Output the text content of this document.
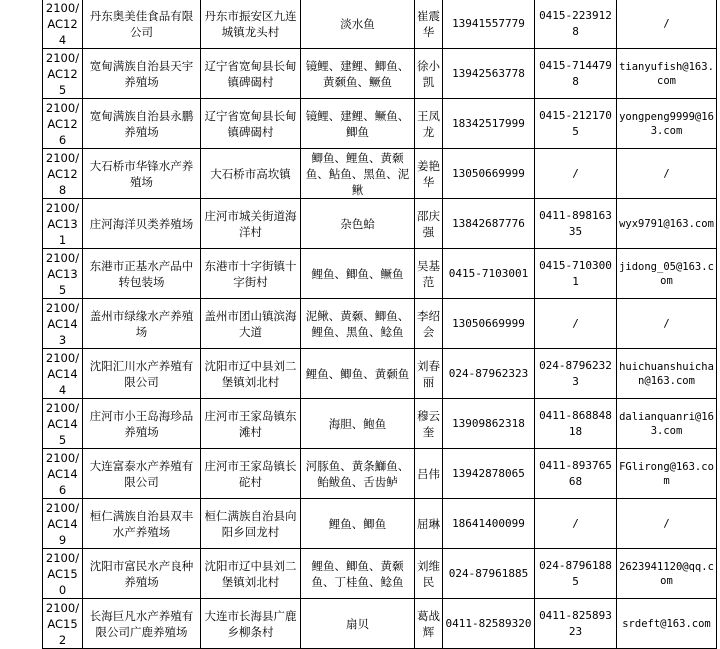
2100/AC124	丹东奥美佳食品有限公司	丹东市振安区九连城镇龙头村	淡水鱼	崔震华	13941557779	0415-2239128	/
2100/AC125	宽甸满族自治县天宇养殖场	辽宁省宽甸县长甸镇碑碣村	镜鲤、建鲤、鲫鱼、黄颡鱼、鳜鱼	徐小凯	13942563778	0415-7144798	tianyufish@163.com
2100/AC126	宽甸满族自治县永鹏养殖场	辽宁省宽甸县长甸镇碑碣村	镜鲤、建鲤、鳜鱼、鲫鱼	王凤龙	18342517999	0415-2121705	yongpeng9999@163.com
2100/AC128	大石桥市华锋水产养殖场	大石桥市高坎镇	鲫鱼、鲤鱼、黄颡鱼、鲇鱼、黑鱼、泥鳅	姜艳华	13050669999	/	/
2100/AC131	庄河海洋贝类养殖场	庄河市城关街道海洋村	杂色蛤	邵庆强	13842687776	0411-89816335	wyx9791@163.com
2100/AC135	东港市正基水产品中转包装场	东港市十字街镇十字街村	鲤鱼、鲫鱼、鳜鱼	吴基范	0415-7103001	0415-7103001	jidong_05@163.com
2100/AC143	盖州市绿缘水产养殖场	盖州市团山镇滨海大道	泥鳅、黄颡、鲫鱼、鲤鱼、黑鱼、鲶鱼	李绍会	13050669999	/	/
2100/AC144	沈阳汇川水产养殖有限公司	沈阳市辽中县刘二堡镇刘北村	鲤鱼、鲫鱼、黄颡鱼	刘春丽	024-87962323	024-87962323	huichuanshuichan@163.com
2100/AC145	庄河市小王岛海珍品养殖场	庄河市王家岛镇东滩村	海胆、鲍鱼	穆云奎	13909862318	0411-86884818	dalianquanri@163.com
2100/AC146	大连富泰水产养殖有限公司	庄河市王家岛镇长砣村	河豚鱼、黄条鰤鱼、鲐鲅鱼、舌齿鲈	吕伟	13942878065	0411-89376568	FGlirong@163.com
2100/AC149	桓仁满族自治县双丰水产养殖场	桓仁满族自治县向阳乡回龙村	鲤鱼、鲫鱼	屈琳	18641400099	/	/
2100/AC150	沈阳市富民水产良种养殖场	沈阳市辽中县刘二堡镇刘北村	鲤鱼、鲫鱼、黄颡鱼、丁桂鱼、鲶鱼	刘维民	024-87961885	024-87961885	2623941120@qq.com
2100/AC152	长海巨凡水产养殖有限公司广鹿养殖场	大连市长海县广鹿乡柳条村	扇贝	葛战辉	0411-82589320	0411-82589323	srdeft@163.com
